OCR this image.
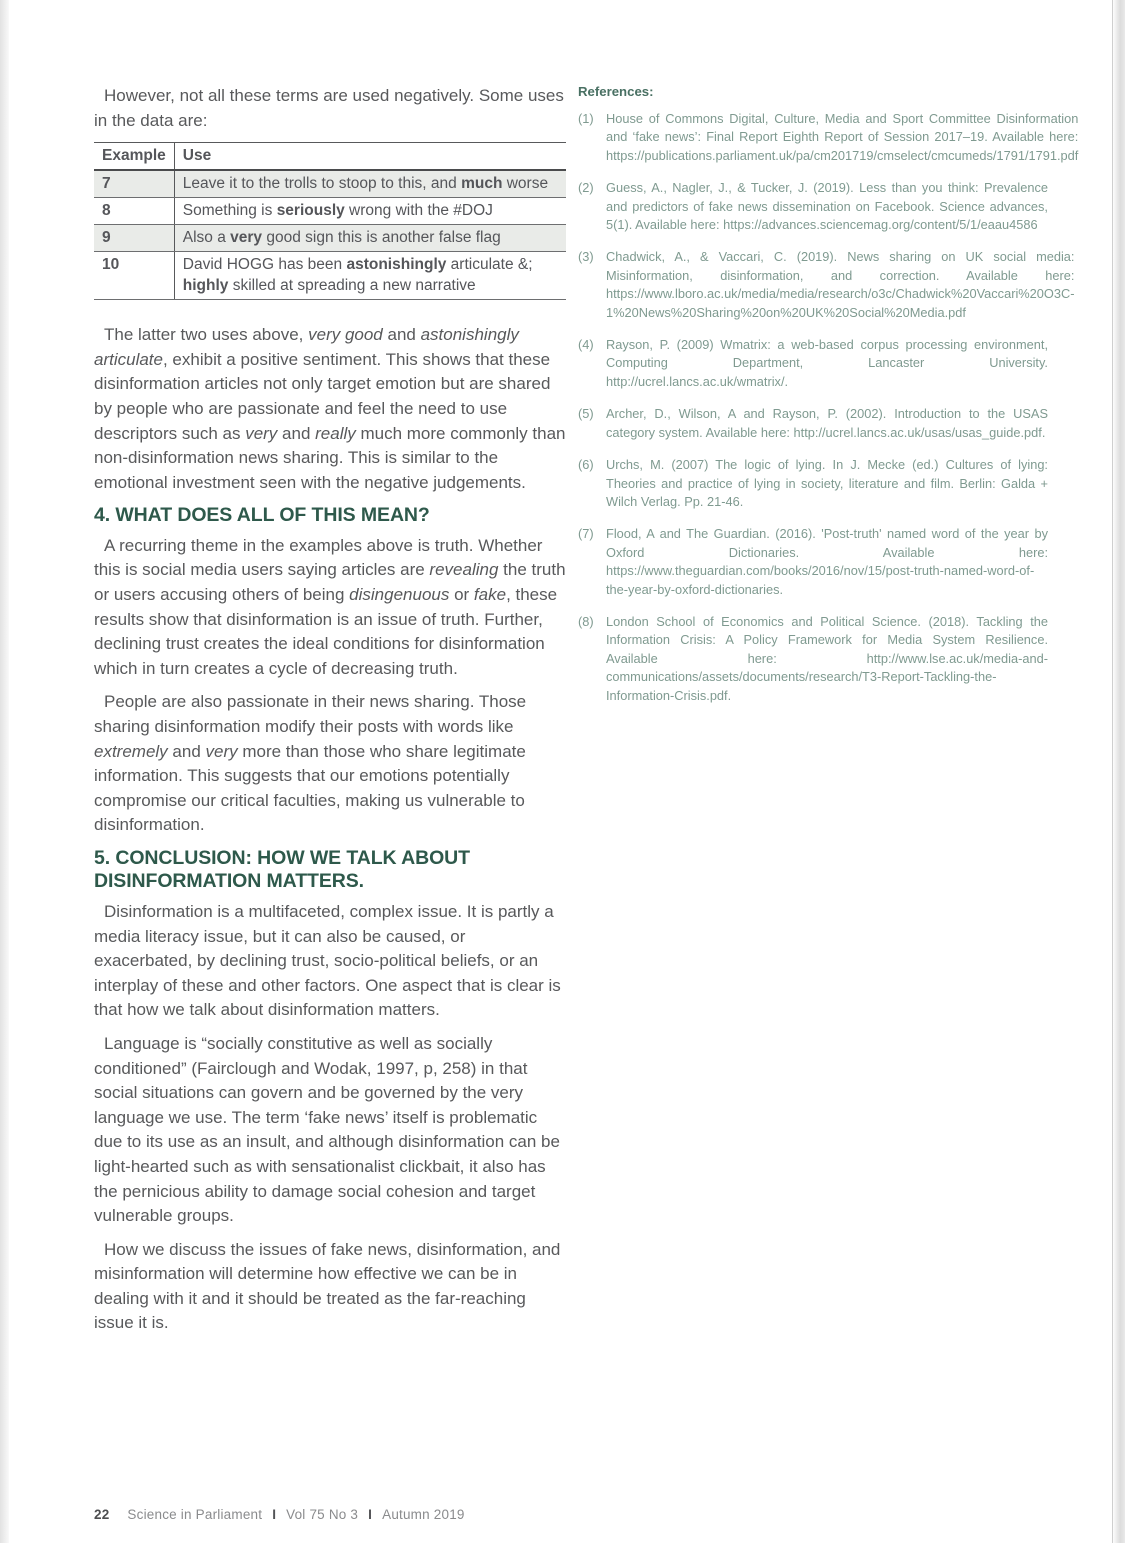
However, not all these terms are used negatively. Some uses in the data are:

Example	Use
7	Leave it to the trolls to stoop to this, and much worse
8	Something is seriously wrong with the #DOJ
9	Also a very good sign this is another false flag
10	David HOGG has been astonishingly articulate &; highly skilled at spreading a new narrative

The latter two uses above, very good and astonishingly articulate, exhibit a positive sentiment. This shows that these disinformation articles not only target emotion but are shared by people who are passionate and feel the need to use descriptors such as very and really much more commonly than non-disinformation news sharing. This is similar to the emotional investment seen with the negative judgements.

4. WHAT DOES ALL OF THIS MEAN?

A recurring theme in the examples above is truth. Whether this is social media users saying articles are revealing the truth or users accusing others of being disingenuous or fake, these results show that disinformation is an issue of truth. Further, declining trust creates the ideal conditions for disinformation which in turn creates a cycle of decreasing truth.

People are also passionate in their news sharing. Those sharing disinformation modify their posts with words like extremely and very more than those who share legitimate information. This suggests that our emotions potentially compromise our critical faculties, making us vulnerable to disinformation.

5. CONCLUSION: HOW WE TALK ABOUT DISINFORMATION MATTERS.

Disinformation is a multifaceted, complex issue. It is partly a media literacy issue, but it can also be caused, or exacerbated, by declining trust, socio-political beliefs, or an interplay of these and other factors. One aspect that is clear is that how we talk about disinformation matters.

Language is “socially constitutive as well as socially conditioned” (Fairclough and Wodak, 1997, p, 258) in that social situations can govern and be governed by the very language we use. The term ‘fake news’ itself is problematic due to its use as an insult, and although disinformation can be light-hearted such as with sensationalist clickbait, it also has the pernicious ability to damage social cohesion and target vulnerable groups.

How we discuss the issues of fake news, disinformation, and misinformation will determine how effective we can be in dealing with it and it should be treated as the far-reaching issue it is.

References:
(1) House of Commons Digital, Culture, Media and Sport Committee Disinformation and ‘fake news’: Final Report Eighth Report of Session 2017–19. Available here: https://publications.parliament.uk/pa/cm201719/cmselect/cmcumeds/1791/1791.pdf
(2) Guess, A., Nagler, J., & Tucker, J. (2019). Less than you think: Prevalence and predictors of fake news dissemination on Facebook. Science advances, 5(1). Available here: https://advances.sciencemag.org/content/5/1/eaau4586
(3) Chadwick, A., & Vaccari, C. (2019). News sharing on UK social media: Misinformation, disinformation, and correction. Available here: https://www.lboro.ac.uk/media/media/research/o3c/Chadwick%20Vaccari%20O3C-1%20News%20Sharing%20on%20UK%20Social%20Media.pdf
(4) Rayson, P. (2009) Wmatrix: a web-based corpus processing environment, Computing Department, Lancaster University. http://ucrel.lancs.ac.uk/wmatrix/.
(5) Archer, D., Wilson, A and Rayson, P. (2002). Introduction to the USAS category system. Available here: http://ucrel.lancs.ac.uk/usas/usas_guide.pdf.
(6) Urchs, M. (2007) The logic of lying. In J. Mecke (ed.) Cultures of lying: Theories and practice of lying in society, literature and film. Berlin: Galda + Wilch Verlag. Pp. 21-46.
(7) Flood, A and The Guardian. (2016). 'Post-truth' named word of the year by Oxford Dictionaries. Available here: https://www.theguardian.com/books/2016/nov/15/post-truth-named-word-of-the-year-by-oxford-dictionaries.
(8) London School of Economics and Political Science. (2018). Tackling the Information Crisis: A Policy Framework for Media System Resilience. Available here: http://www.lse.ac.uk/media-and-communications/assets/documents/research/T3-Report-Tackling-the-Information-Crisis.pdf.
22 Science in Parliament I Vol 75 No 3 I Autumn 2019
